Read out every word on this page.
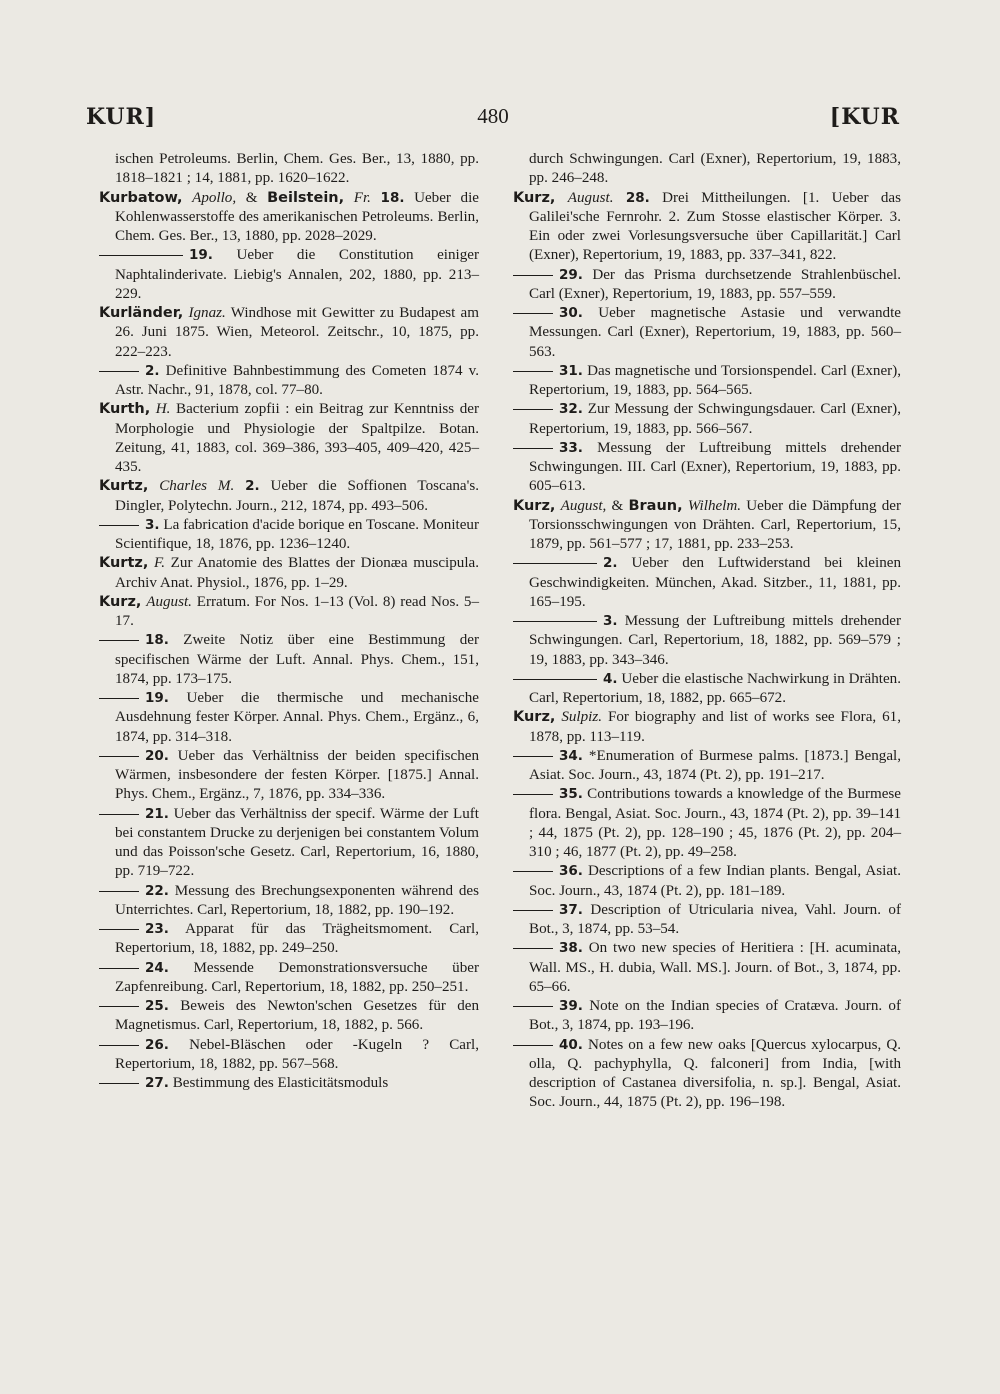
KUR]	480	[KUR

ischen Petroleums. Berlin, Chem. Ges. Ber., 13, 1880, pp. 1818–1821 ; 14, 1881, pp. 1620–1622.

Kurbatow, Apollo, & Beilstein, Fr. 18. Ueber die Kohlenwasserstoffe des amerikanischen Petroleums. Berlin, Chem. Ges. Ber., 13, 1880, pp. 2028–2029.

19. Ueber die Constitution einiger Naphtalinderivate. Liebig's Annalen, 202, 1880, pp. 213–229.

Kurländer, Ignaz. Windhose mit Gewitter zu Budapest am 26. Juni 1875. Wien, Meteorol. Zeitschr., 10, 1875, pp. 222–223.

2. Definitive Bahnbestimmung des Cometen 1874 v. Astr. Nachr., 91, 1878, col. 77–80.

Kurth, H. Bacterium zopfii : ein Beitrag zur Kenntniss der Morphologie und Physiologie der Spaltpilze. Botan. Zeitung, 41, 1883, col. 369–386, 393–405, 409–420, 425–435.

Kurtz, Charles M. 2. Ueber die Soffionen Toscana's. Dingler, Polytechn. Journ., 212, 1874, pp. 493–506.

3. La fabrication d'acide borique en Toscane. Moniteur Scientifique, 18, 1876, pp. 1236–1240.

Kurtz, F. Zur Anatomie des Blattes der Dionæa muscipula. Archiv Anat. Physiol., 1876, pp. 1–29.

Kurz, August. Erratum. For Nos. 1–13 (Vol. 8) read Nos. 5–17.

18. Zweite Notiz über eine Bestimmung der specifischen Wärme der Luft. Annal. Phys. Chem., 151, 1874, pp. 173–175.

19. Ueber die thermische und mechanische Ausdehnung fester Körper. Annal. Phys. Chem., Ergänz., 6, 1874, pp. 314–318.

20. Ueber das Verhältniss der beiden specifischen Wärmen, insbesondere der festen Körper. [1875.] Annal. Phys. Chem., Ergänz., 7, 1876, pp. 334–336.

21. Ueber das Verhältniss der specif. Wärme der Luft bei constantem Drucke zu derjenigen bei constantem Volum und das Poisson'sche Gesetz. Carl, Repertorium, 16, 1880, pp. 719–722.

22. Messung des Brechungsexponenten während des Unterrichtes. Carl, Repertorium, 18, 1882, pp. 190–192.

23. Apparat für das Trägheitsmoment. Carl, Repertorium, 18, 1882, pp. 249–250.

24. Messende Demonstrationsversuche über Zapfenreibung. Carl, Repertorium, 18, 1882, pp. 250–251.

25. Beweis des Newton'schen Gesetzes für den Magnetismus. Carl, Repertorium, 18, 1882, p. 566.

26. Nebel-Bläschen oder -Kugeln ? Carl, Repertorium, 18, 1882, pp. 567–568.

27. Bestimmung des Elasticitätsmoduls

durch Schwingungen. Carl (Exner), Repertorium, 19, 1883, pp. 246–248.

Kurz, August. 28. Drei Mittheilungen. [1. Ueber das Galilei'sche Fernrohr. 2. Zum Stosse elastischer Körper. 3. Ein oder zwei Vorlesungsversuche über Capillarität.] Carl (Exner), Repertorium, 19, 1883, pp. 337–341, 822.

29. Der das Prisma durchsetzende Strahlenbüschel. Carl (Exner), Repertorium, 19, 1883, pp. 557–559.

30. Ueber magnetische Astasie und verwandte Messungen. Carl (Exner), Repertorium, 19, 1883, pp. 560–563.

31. Das magnetische und Torsionspendel. Carl (Exner), Repertorium, 19, 1883, pp. 564–565.

32. Zur Messung der Schwingungsdauer. Carl (Exner), Repertorium, 19, 1883, pp. 566–567.

33. Messung der Luftreibung mittels drehender Schwingungen. III. Carl (Exner), Repertorium, 19, 1883, pp. 605–613.

Kurz, August, & Braun, Wilhelm. Ueber die Dämpfung der Torsionsschwingungen von Drähten. Carl, Repertorium, 15, 1879, pp. 561–577 ; 17, 1881, pp. 233–253.

2. Ueber den Luftwiderstand bei kleinen Geschwindigkeiten. München, Akad. Sitzber., 11, 1881, pp. 165–195.

3. Messung der Luftreibung mittels drehender Schwingungen. Carl, Repertorium, 18, 1882, pp. 569–579 ; 19, 1883, pp. 343–346.

4. Ueber die elastische Nachwirkung in Drähten. Carl, Repertorium, 18, 1882, pp. 665–672.

Kurz, Sulpiz. For biography and list of works see Flora, 61, 1878, pp. 113–119.

34. *Enumeration of Burmese palms. [1873.] Bengal, Asiat. Soc. Journ., 43, 1874 (Pt. 2), pp. 191–217.

35. Contributions towards a knowledge of the Burmese flora. Bengal, Asiat. Soc. Journ., 43, 1874 (Pt. 2), pp. 39–141 ; 44, 1875 (Pt. 2), pp. 128–190 ; 45, 1876 (Pt. 2), pp. 204–310 ; 46, 1877 (Pt. 2), pp. 49–258.

36. Descriptions of a few Indian plants. Bengal, Asiat. Soc. Journ., 43, 1874 (Pt. 2), pp. 181–189.

37. Description of Utricularia nivea, Vahl. Journ. of Bot., 3, 1874, pp. 53–54.

38. On two new species of Heritiera : [H. acuminata, Wall. MS., H. dubia, Wall. MS.]. Journ. of Bot., 3, 1874, pp. 65–66.

39. Note on the Indian species of Cratæva. Journ. of Bot., 3, 1874, pp. 193–196.

40. Notes on a few new oaks [Quercus xylocarpus, Q. olla, Q. pachyphylla, Q. falconeri] from India, [with description of Castanea diversifolia, n. sp.]. Bengal, Asiat. Soc. Journ., 44, 1875 (Pt. 2), pp. 196–198.
